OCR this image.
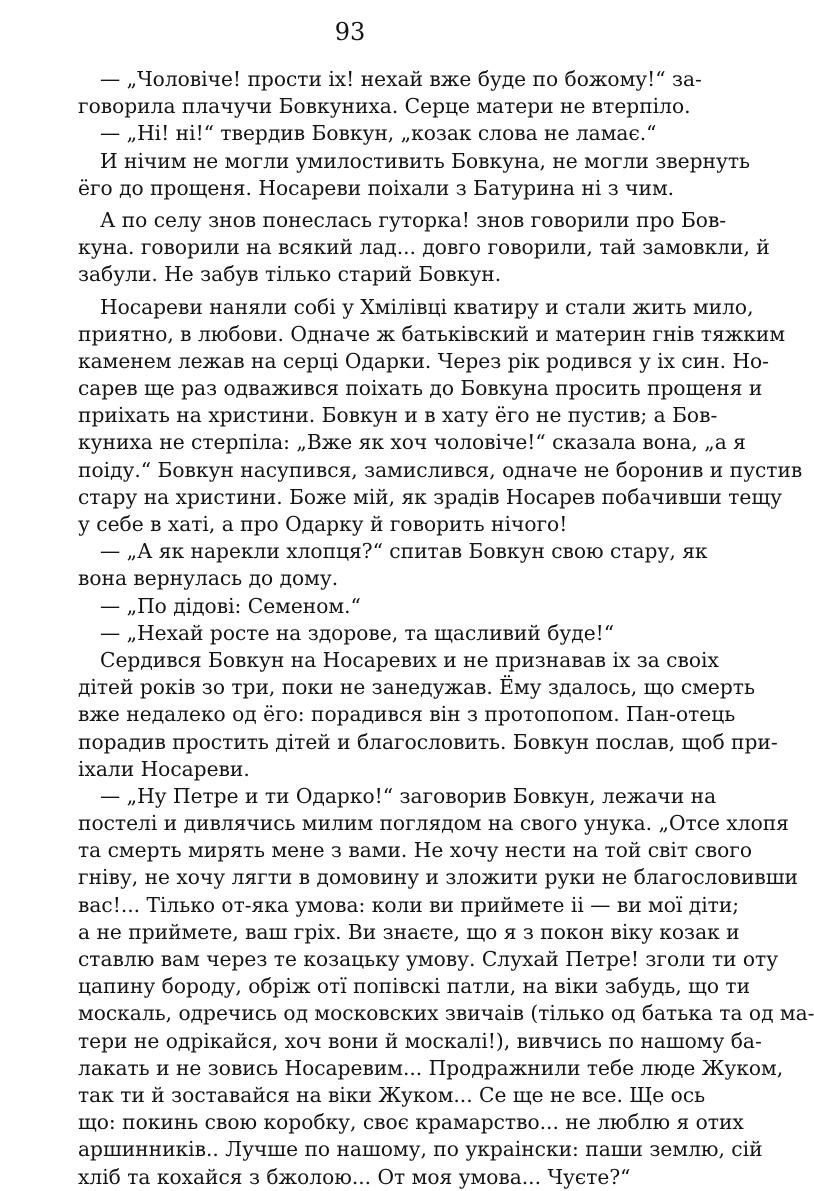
93
— „Чоловіче! прости іх! нехай вже буде по божому!“ за-
говорила плачучи Бовкуниха. Серце матери не втерпіло.
— „Ні! ні!“ твердив Бовкун, „козак слова не ламає.“
И нічим не могли умилостивить Бовкуна, не могли звернуть
ёго до прощеня. Носареви поіхали з Батурина ні з чим.
А по селу знов понеслась гуторка! знов говорили про Бов-
куна. говорили на всякий лад... довго говорили, тай замовкли, й
забули. Не забув тілько старий Бовкун.
Носареви наняли собі у Хмілівці кватиру и стали жить мило,
приятно, в любови. Одначе ж батьківский и материн гнів тяжким
каменем лежав на серці Одарки. Через рік родився у іх син. Но-
сарев ще раз одважився поіхать до Бовкуна просить прощеня и
приіхать на христини. Бовкун и в хату ёго не пустив; а Бов-
куниха не стерпіла: „Вже як хоч чоловіче!“ сказала вона, „а я
поіду.“ Бовкун насупився, замислився, одначе не боронив и пустив
стару на христини. Боже мій, як зрадів Носарев побачивши тещу
у себе в хаті, а про Одарку й говорить нічого!
— „А як нарекли хлопця?“ спитав Бовкун свою стару, як
вона вернулась до дому.
— „По дідові: Семеном.“
— „Нехай росте на здорове, та щасливий буде!“
Сердився Бовкун на Носаревих и не признавав іх за своіх
дітей років зо три, поки не занедужав. Ёму здалось, що смерть
вже недалеко од ёго: порадився він з протопопом. Пан-отець
порадив простить дітей и благословить. Бовкун послав, щоб при-
іхали Носареви.
— „Ну Петре и ти Одарко!“ заговорив Бовкун, лежачи на
постелі и дивлячись милим поглядом на свого унука. „Отсе хлопя
та смерть мирять мене з вами. Не хочу нести на той світ свого
гніву, не хочу лягти в домовину и зложити руки не благословивши
вас!... Тілько от-яка умова: коли ви приймете іі — ви мої діти;
а не приймете, ваш гріх. Ви знаєте, що я з покон віку козак и
ставлю вам через те козацьку умову. Слухай Петре! зголи ти оту
цапину бороду, обріж отї попівскі патли, на віки забудь, що ти
москаль, одречись од московских звичаів (тілько од батька та од ма-
тери не одрікайся, хоч вони й москалі!), вивчись по нашому ба-
лакать и не зовись Носаревим... Продражнили тебе люде Жуком,
так ти й зоставайся на віки Жуком... Се ще не все. Ще ось
що: покинь свою коробку, своє крамарство... не люблю я отих
аршинників.. Лучше по нашому, по украінски: паши землю, сій
хліб та кохайся з бжолою... От моя умова... Чуєте?“
